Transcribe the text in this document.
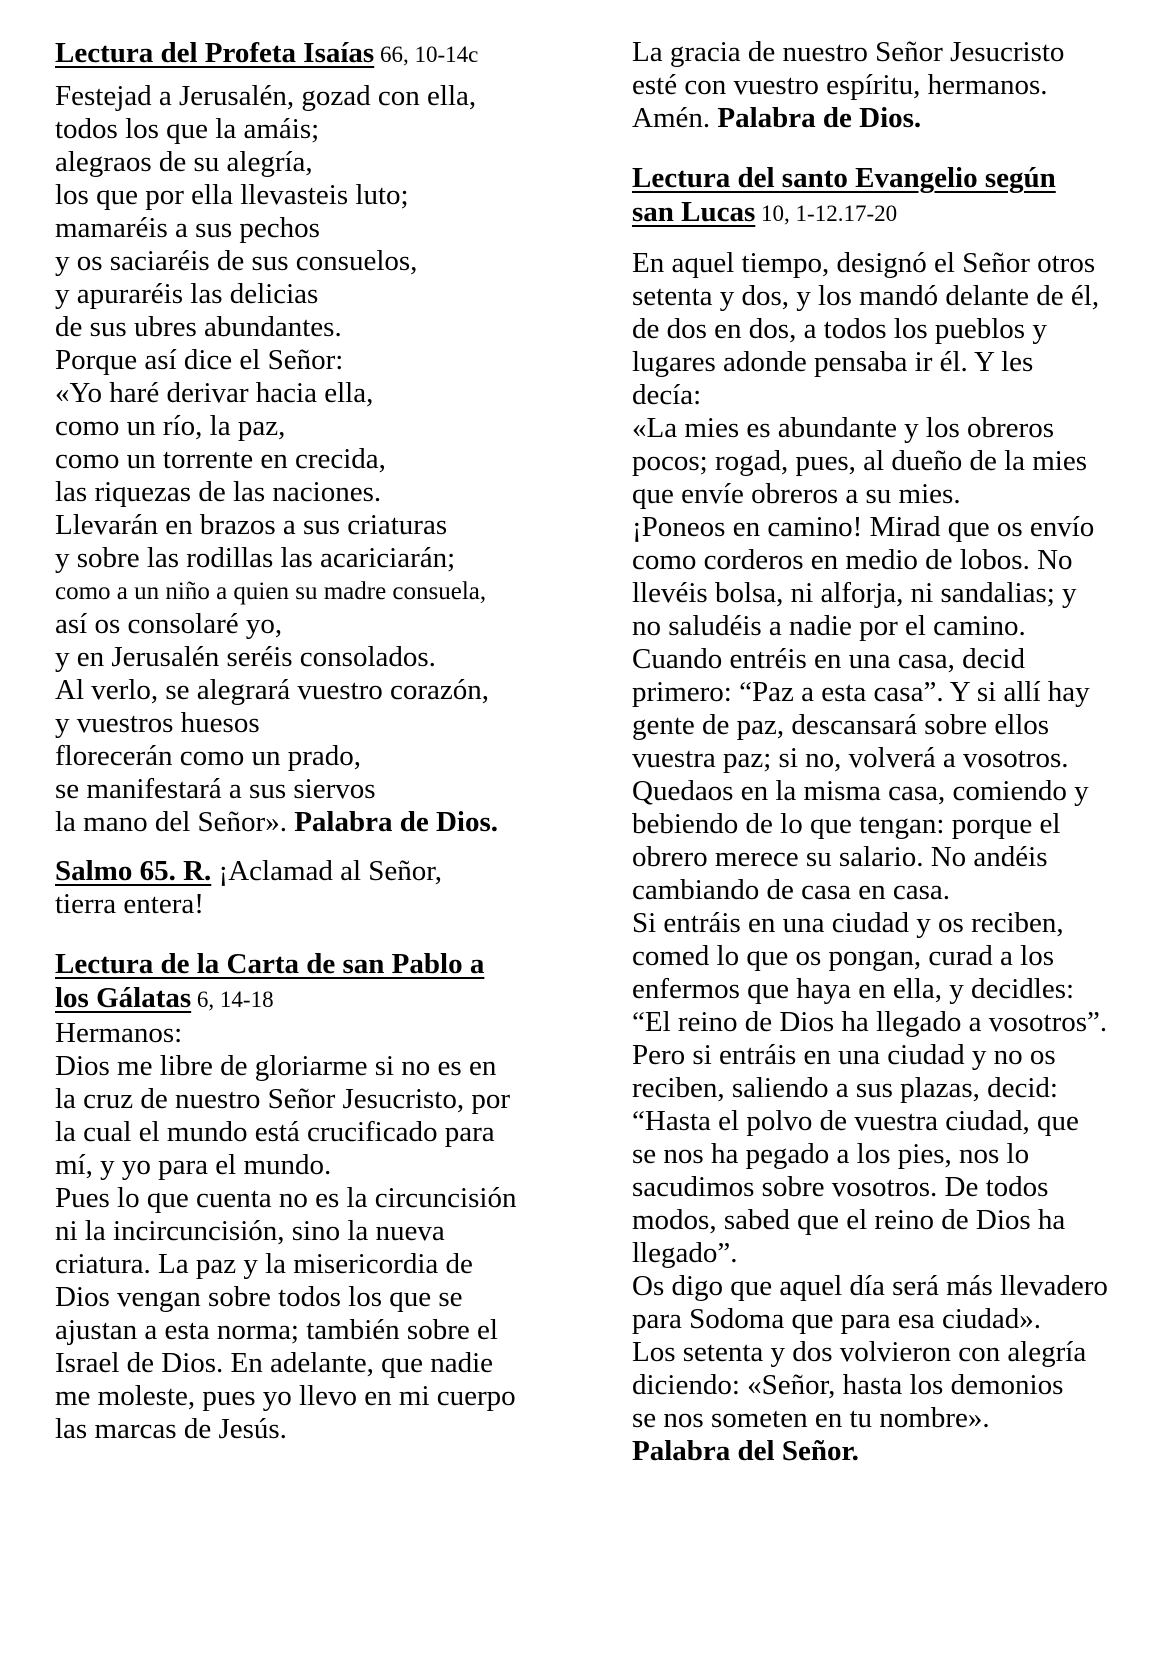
Lectura del Profeta Isaías 66, 10-14c
Festejad a Jerusalén, gozad con ella,
todos los que la amáis;
alegraos de su alegría,
los que por ella llevasteis luto;
mamaréis a sus pechos
y os saciaréis de sus consuelos,
y apuraréis las delicias
de sus ubres abundantes.
Porque así dice el Señor:
«Yo haré derivar hacia ella,
como un río, la paz,
como un torrente en crecida,
las riquezas de las naciones.
Llevarán en brazos a sus criaturas
y sobre las rodillas las acariciarán;
como a un niño a quien su madre consuela,
así os consolaré yo,
y en Jerusalén seréis consolados.
Al verlo, se alegrará vuestro corazón,
y vuestros huesos
florecerán como un prado,
se manifestará a sus siervos
la mano del Señor». Palabra de Dios.
Salmo 65. R. ¡Aclamad al Señor,
tierra entera!
Lectura de la Carta de san Pablo a
los Gálatas 6, 14-18
Hermanos:
Dios me libre de gloriarme si no es en
la cruz de nuestro Señor Jesucristo, por
la cual el mundo está crucificado para
mí, y yo para el mundo.
Pues lo que cuenta no es la circuncisión
ni la incircuncisión, sino la nueva
criatura. La paz y la misericordia de
Dios vengan sobre todos los que se
ajustan a esta norma; también sobre el
Israel de Dios. En adelante, que nadie
me moleste, pues yo llevo en mi cuerpo
las marcas de Jesús.
La gracia de nuestro Señor Jesucristo
esté con vuestro espíritu, hermanos.
Amén. Palabra de Dios.
Lectura del santo Evangelio según
san Lucas 10, 1-12.17-20
En aquel tiempo, designó el Señor otros
setenta y dos, y los mandó delante de él,
de dos en dos, a todos los pueblos y
lugares adonde pensaba ir él. Y les
decía:
«La mies es abundante y los obreros
pocos; rogad, pues, al dueño de la mies
que envíe obreros a su mies.
¡Poneos en camino! Mirad que os envío
como corderos en medio de lobos. No
llevéis bolsa, ni alforja, ni sandalias; y
no saludéis a nadie por el camino.
Cuando entréis en una casa, decid
primero: “Paz a esta casa”. Y si allí hay
gente de paz, descansará sobre ellos
vuestra paz; si no, volverá a vosotros.
Quedaos en la misma casa, comiendo y
bebiendo de lo que tengan: porque el
obrero merece su salario. No andéis
cambiando de casa en casa.
Si entráis en una ciudad y os reciben,
comed lo que os pongan, curad a los
enfermos que haya en ella, y decidles:
“El reino de Dios ha llegado a vosotros”.
Pero si entráis en una ciudad y no os
reciben, saliendo a sus plazas, decid:
“Hasta el polvo de vuestra ciudad, que
se nos ha pegado a los pies, nos lo
sacudimos sobre vosotros. De todos
modos, sabed que el reino de Dios ha
llegado”.
Os digo que aquel día será más llevadero
para Sodoma que para esa ciudad».
Los setenta y dos volvieron con alegría
diciendo: «Señor, hasta los demonios
se nos someten en tu nombre».
Palabra del Señor.
